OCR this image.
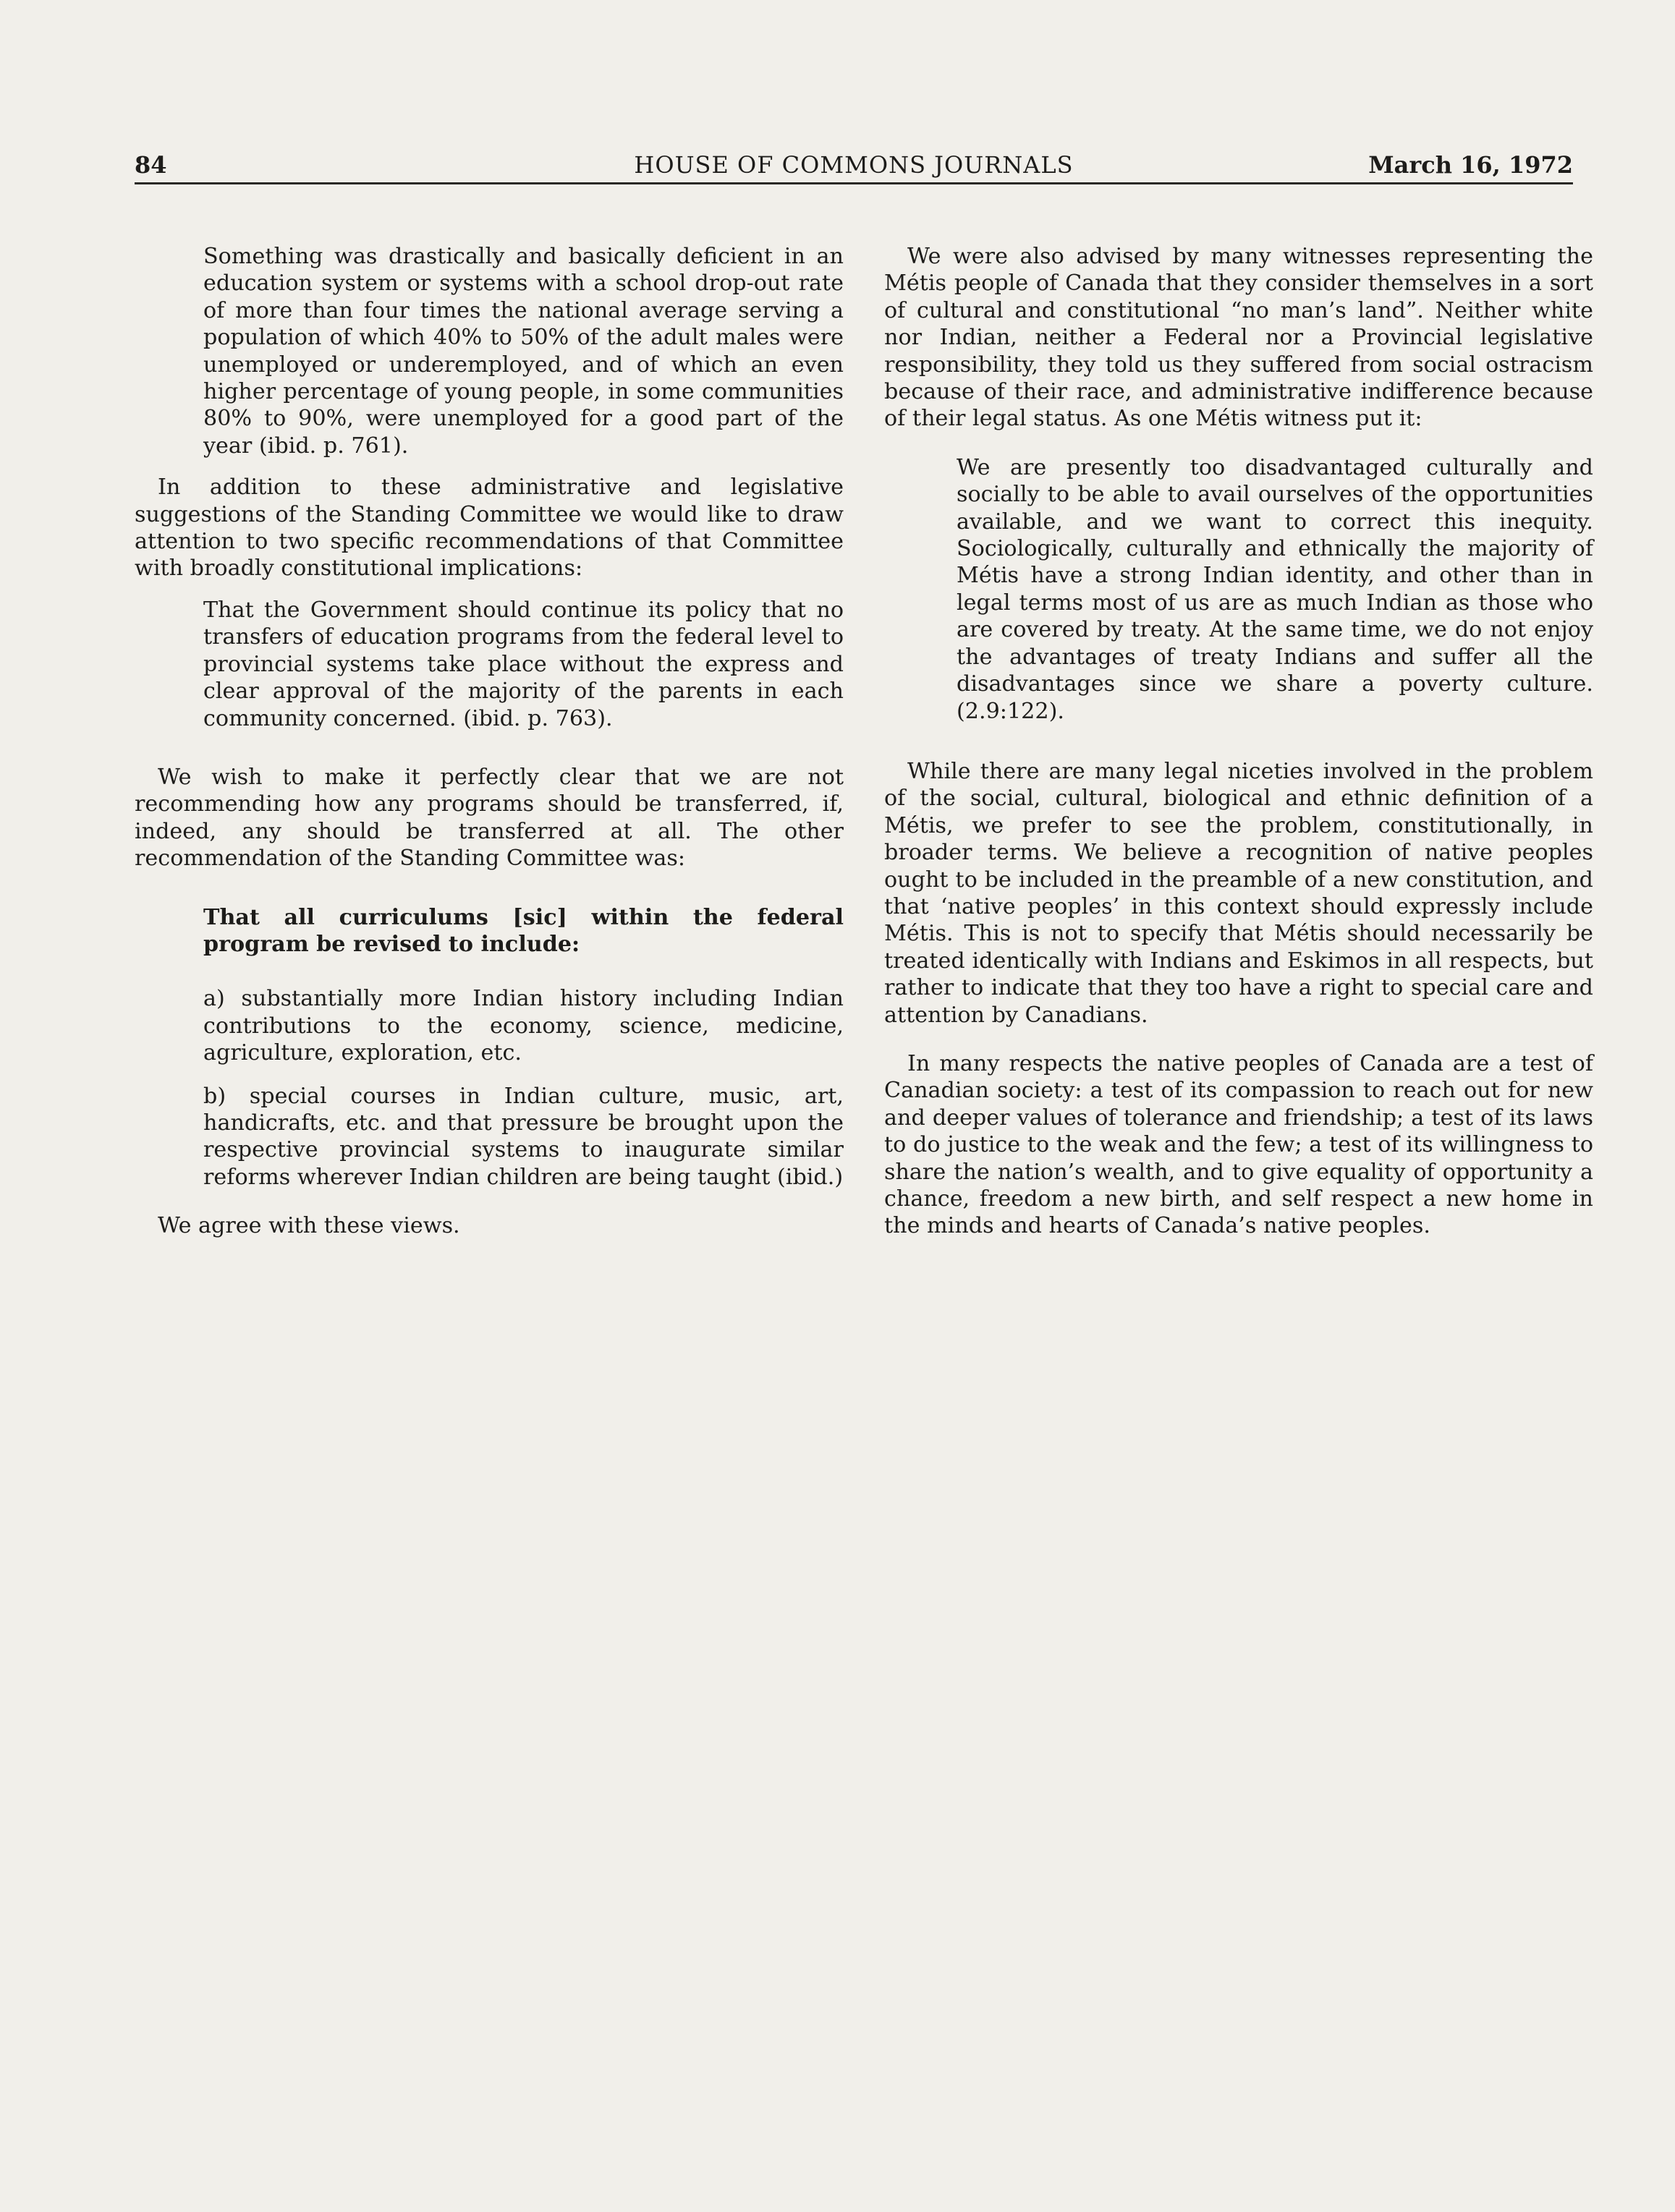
84	HOUSE OF COMMONS JOURNALS	March 16, 1972

Something was drastically and basically deficient in an education system or systems with a school drop-out rate of more than four times the national average serving a population of which 40% to 50% of the adult males were unemployed or underemployed, and of which an even higher percentage of young people, in some communities 80% to 90%, were unemployed for a good part of the year (ibid. p. 761).

In addition to these administrative and legislative suggestions of the Standing Committee we would like to draw attention to two specific recommendations of that Committee with broadly constitutional implications:

That the Government should continue its policy that no transfers of education programs from the federal level to provincial systems take place without the express and clear approval of the majority of the parents in each community concerned. (ibid. p. 763).

We wish to make it perfectly clear that we are not recommending how any programs should be transferred, if, indeed, any should be transferred at all. The other recommendation of the Standing Committee was:

That all curriculums [sic] within the federal program be revised to include:

a) substantially more Indian history including Indian contributions to the economy, science, medicine, agriculture, exploration, etc.

b) special courses in Indian culture, music, art, handicrafts, etc. and that pressure be brought upon the respective provincial systems to inaugurate similar reforms wherever Indian children are being taught (ibid.)

We agree with these views.

We were also advised by many witnesses representing the Métis people of Canada that they consider themselves in a sort of cultural and constitutional “no man’s land”. Neither white nor Indian, neither a Federal nor a Provincial legislative responsibility, they told us they suffered from social ostracism because of their race, and administrative indifference because of their legal status. As one Métis witness put it:

We are presently too disadvantaged culturally and socially to be able to avail ourselves of the opportunities available, and we want to correct this inequity. Sociologically, culturally and ethnically the majority of Métis have a strong Indian identity, and other than in legal terms most of us are as much Indian as those who are covered by treaty. At the same time, we do not enjoy the advantages of treaty Indians and suffer all the disadvantages since we share a poverty culture. (2.9:122).

While there are many legal niceties involved in the problem of the social, cultural, biological and ethnic definition of a Métis, we prefer to see the problem, constitutionally, in broader terms. We believe a recognition of native peoples ought to be included in the preamble of a new constitution, and that ‘native peoples’ in this context should expressly include Métis. This is not to specify that Métis should necessarily be treated identically with Indians and Eskimos in all respects, but rather to indicate that they too have a right to special care and attention by Canadians.

In many respects the native peoples of Canada are a test of Canadian society: a test of its compassion to reach out for new and deeper values of tolerance and friendship; a test of its laws to do justice to the weak and the few; a test of its willingness to share the nation’s wealth, and to give equality of opportunity a chance, freedom a new birth, and self respect a new home in the minds and hearts of Canada’s native peoples.
